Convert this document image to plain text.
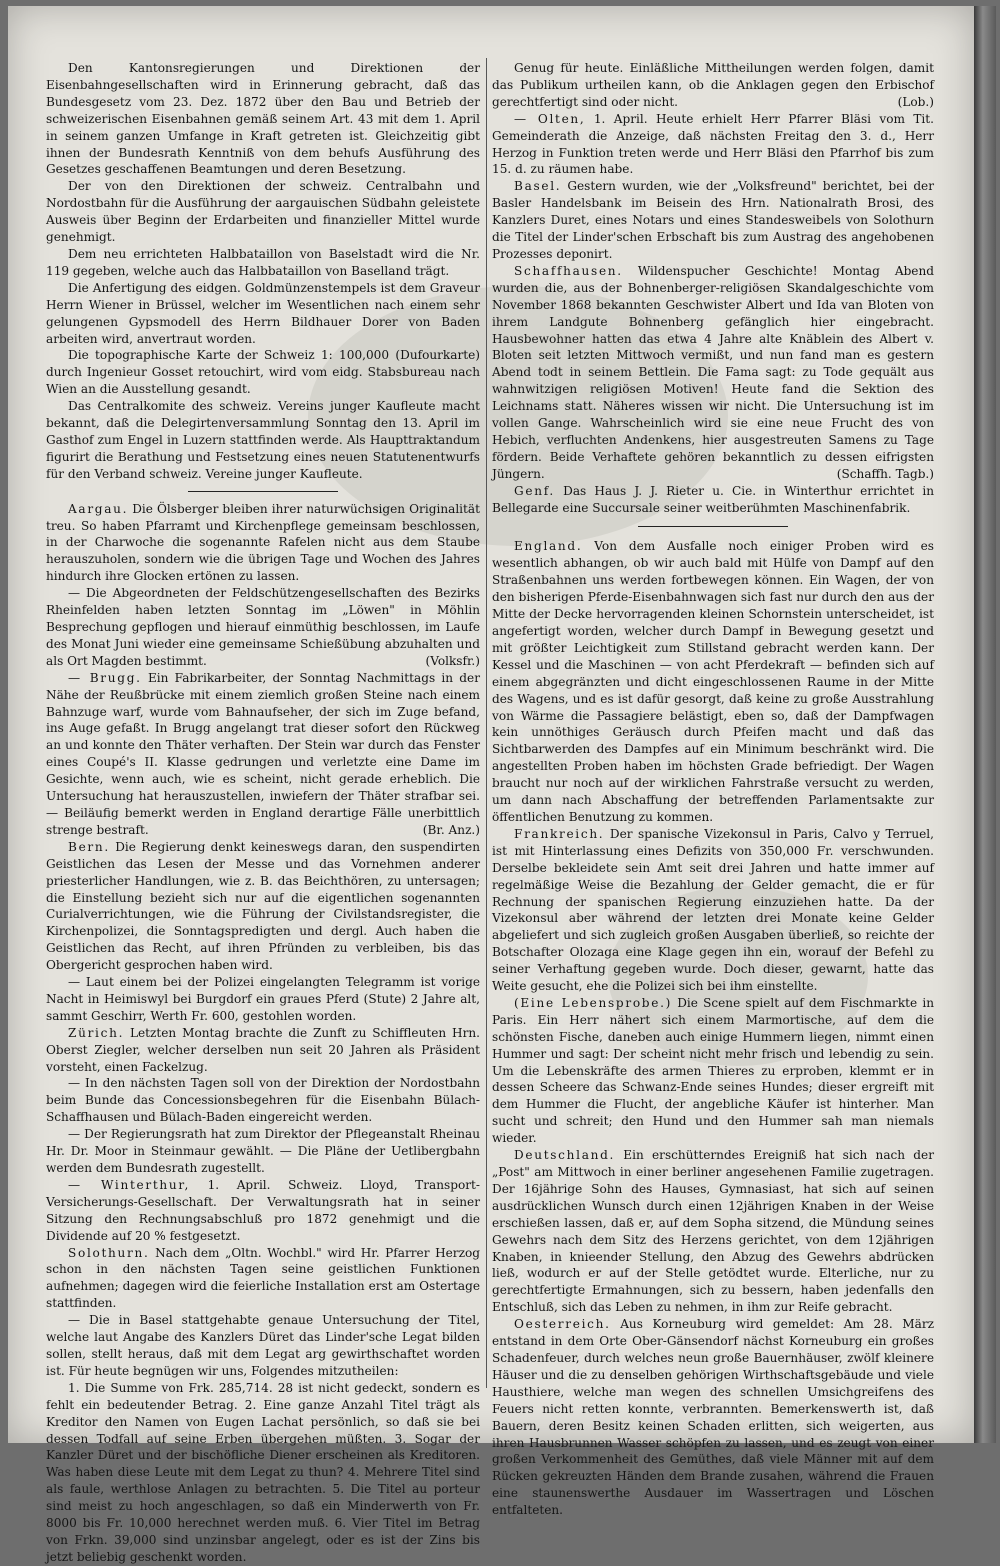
Den Kantonsregierungen und Direktionen der Eisenbahngesellschaften wird in Erinnerung gebracht, daß das Bundesgesetz vom 23. Dez. 1872 über den Bau und Betrieb der schweizerischen Eisenbahnen gemäß seinem Art. 43 mit dem 1. April in seinem ganzen Umfange in Kraft getreten ist. Gleichzeitig gibt ihnen der Bundesrath Kenntniß von dem behufs Ausführung des Gesetzes geschaffenen Beamtungen und deren Besetzung.

Der von den Direktionen der schweiz. Centralbahn und Nordostbahn für die Ausführung der aargauischen Südbahn geleistete Ausweis über Beginn der Erdarbeiten und finanzieller Mittel wurde genehmigt.

Dem neu errichteten Halbbataillon von Baselstadt wird die Nr. 119 gegeben, welche auch das Halbbataillon von Baselland trägt.

Die Anfertigung des eidgen. Goldmünzenstempels ist dem Graveur Herrn Wiener in Brüssel, welcher im Wesentlichen nach einem sehr gelungenen Gypsmodell des Herrn Bildhauer Dorer von Baden arbeiten wird, anvertraut worden.

Die topographische Karte der Schweiz 1: 100,000 (Dufourkarte) durch Ingenieur Gosset retouchirt, wird vom eidg. Stabsbureau nach Wien an die Ausstellung gesandt.

Das Centralkomite des schweiz. Vereins junger Kaufleute macht bekannt, daß die Delegirtenversammlung Sonntag den 13. April im Gasthof zum Engel in Luzern stattfinden werde. Als Haupttraktandum figurirt die Berathung und Festsetzung eines neuen Statutenentwurfs für den Verband schweiz. Vereine junger Kaufleute.

Aargau. Die Ölsberger bleiben ihrer naturwüchsigen Originalität treu. So haben Pfarramt und Kirchenpflege gemeinsam beschlossen, in der Charwoche die sogenannte Rafelen nicht aus dem Staube herauszuholen, sondern wie die übrigen Tage und Wochen des Jahres hindurch ihre Glocken ertönen zu lassen.

— Die Abgeordneten der Feldschützengesellschaften des Bezirks Rheinfelden haben letzten Sonntag im „Löwen" in Möhlin Besprechung gepflogen und hierauf einmüthig beschlossen, im Laufe des Monat Juni wieder eine gemeinsame Schießübung abzuhalten und als Ort Magden bestimmt.	(Volksfr.)

— Brugg. Ein Fabrikarbeiter, der Sonntag Nachmittags in der Nähe der Reußbrücke mit einem ziemlich großen Steine nach einem Bahnzuge warf, wurde vom Bahnaufseher, der sich im Zuge befand, ins Auge gefaßt. In Brugg angelangt trat dieser sofort den Rückweg an und konnte den Thäter verhaften. Der Stein war durch das Fenster eines Coupé's II. Klasse gedrungen und verletzte eine Dame im Gesichte, wenn auch, wie es scheint, nicht gerade erheblich. Die Untersuchung hat herauszustellen, inwiefern der Thäter strafbar sei. — Beiläufig bemerkt werden in England derartige Fälle unerbittlich strenge bestraft.	(Br. Anz.)

Bern. Die Regierung denkt keineswegs daran, den suspendirten Geistlichen das Lesen der Messe und das Vornehmen anderer priesterlicher Handlungen, wie z. B. das Beichthören, zu untersagen; die Einstellung bezieht sich nur auf die eigentlichen sogenannten Curialverrichtungen, wie die Führung der Civilstandsregister, die Kirchenpolizei, die Sonntagspredigten und dergl. Auch haben die Geistlichen das Recht, auf ihren Pfründen zu verbleiben, bis das Obergericht gesprochen haben wird.

— Laut einem bei der Polizei eingelangten Telegramm ist vorige Nacht in Heimiswyl bei Burgdorf ein graues Pferd (Stute) 2 Jahre alt, sammt Geschirr, Werth Fr. 600, gestohlen worden.

Zürich. Letzten Montag brachte die Zunft zu Schiffleuten Hrn. Oberst Ziegler, welcher derselben nun seit 20 Jahren als Präsident vorsteht, einen Fackelzug.

— In den nächsten Tagen soll von der Direktion der Nordostbahn beim Bunde das Concessionsbegehren für die Eisenbahn Bülach-Schaffhausen und Bülach-Baden eingereicht werden.

— Der Regierungsrath hat zum Direktor der Pflegeanstalt Rheinau Hr. Dr. Moor in Steinmaur gewählt. — Die Pläne der Uetlibergbahn werden dem Bundesrath zugestellt.

— Winterthur, 1. April. Schweiz. Lloyd, Transport-Versicherungs-Gesellschaft. Der Verwaltungsrath hat in seiner Sitzung den Rechnungsabschluß pro 1872 genehmigt und die Dividende auf 20 % festgesetzt.

Solothurn. Nach dem „Oltn. Wochbl." wird Hr. Pfarrer Herzog schon in den nächsten Tagen seine geistlichen Funktionen aufnehmen; dagegen wird die feierliche Installation erst am Ostertage stattfinden.

— Die in Basel stattgehabte genaue Untersuchung der Titel, welche laut Angabe des Kanzlers Düret das Linder'sche Legat bilden sollen, stellt heraus, daß mit dem Legat arg gewirthschaftet worden ist. Für heute begnügen wir uns, Folgendes mitzutheilen:

1. Die Summe von Frk. 285,714. 28 ist nicht gedeckt, sondern es fehlt ein bedeutender Betrag. 2. Eine ganze Anzahl Titel trägt als Kreditor den Namen von Eugen Lachat persönlich, so daß sie bei dessen Todfall auf seine Erben übergehen müßten. 3. Sogar der Kanzler Düret und der bischöfliche Diener erscheinen als Kreditoren. Was haben diese Leute mit dem Legat zu thun? 4. Mehrere Titel sind als faule, werthlose Anlagen zu betrachten. 5. Die Titel au porteur sind meist zu hoch angeschlagen, so daß ein Minderwerth von Fr. 8000 bis Fr. 10,000 herechnet werden muß. 6. Vier Titel im Betrag von Frkn. 39,000 sind unzinsbar angelegt, oder es ist der Zins bis jetzt beliebig geschenkt worden.

Genug für heute. Einläßliche Mittheilungen werden folgen, damit das Publikum urtheilen kann, ob die Anklagen gegen den Erbischof gerechtfertigt sind oder nicht.	(Lob.)

— Olten, 1. April. Heute erhielt Herr Pfarrer Bläsi vom Tit. Gemeinderath die Anzeige, daß nächsten Freitag den 3. d., Herr Herzog in Funktion treten werde und Herr Bläsi den Pfarrhof bis zum 15. d. zu räumen habe.

Basel. Gestern wurden, wie der „Volksfreund" berichtet, bei der Basler Handelsbank im Beisein des Hrn. Nationalrath Brosi, des Kanzlers Duret, eines Notars und eines Standesweibels von Solothurn die Titel der Linder'schen Erbschaft bis zum Austrag des angehobenen Prozesses deponirt.

Schaffhausen. Wildenspucher Geschichte! Montag Abend wurden die, aus der Bohnenberger-religiösen Skandalgeschichte vom November 1868 bekannten Geschwister Albert und Ida van Bloten von ihrem Landgute Bohnenberg gefänglich hier eingebracht. Hausbewohner hatten das etwa 4 Jahre alte Knäblein des Albert v. Bloten seit letzten Mittwoch vermißt, und nun fand man es gestern Abend todt in seinem Bettlein. Die Fama sagt: zu Tode gequält aus wahnwitzigen religiösen Motiven! Heute fand die Sektion des Leichnams statt. Näheres wissen wir nicht. Die Untersuchung ist im vollen Gange. Wahrscheinlich wird sie eine neue Frucht des von Hebich, verfluchten Andenkens, hier ausgestreuten Samens zu Tage fördern. Beide Verhaftete gehören bekanntlich zu dessen eifrigsten Jüngern.	(Schaffh. Tagb.)

Genf. Das Haus J. J. Rieter u. Cie. in Winterthur errichtet in Bellegarde eine Succursale seiner weitberühmten Maschinenfabrik.

England. Von dem Ausfalle noch einiger Proben wird es wesentlich abhangen, ob wir auch bald mit Hülfe von Dampf auf den Straßenbahnen uns werden fortbewegen können. Ein Wagen, der von den bisherigen Pferde-Eisenbahnwagen sich fast nur durch den aus der Mitte der Decke hervorragenden kleinen Schornstein unterscheidet, ist angefertigt worden, welcher durch Dampf in Bewegung gesetzt und mit größter Leichtigkeit zum Stillstand gebracht werden kann. Der Kessel und die Maschinen — von acht Pferdekraft — befinden sich auf einem abgegränzten und dicht eingeschlossenen Raume in der Mitte des Wagens, und es ist dafür gesorgt, daß keine zu große Ausstrahlung von Wärme die Passagiere belästigt, eben so, daß der Dampfwagen kein unnöthiges Geräusch durch Pfeifen macht und daß das Sichtbarwerden des Dampfes auf ein Minimum beschränkt wird. Die angestellten Proben haben im höchsten Grade befriedigt. Der Wagen braucht nur noch auf der wirklichen Fahrstraße versucht zu werden, um dann nach Abschaffung der betreffenden Parlamentsakte zur öffentlichen Benutzung zu kommen.

Frankreich. Der spanische Vizekonsul in Paris, Calvo y Terruel, ist mit Hinterlassung eines Defizits von 350,000 Fr. verschwunden. Derselbe bekleidete sein Amt seit drei Jahren und hatte immer auf regelmäßige Weise die Bezahlung der Gelder gemacht, die er für Rechnung der spanischen Regierung einzuziehen hatte. Da der Vizekonsul aber während der letzten drei Monate keine Gelder abgeliefert und sich zugleich großen Ausgaben überließ, so reichte der Botschafter Olozaga eine Klage gegen ihn ein, worauf der Befehl zu seiner Verhaftung gegeben wurde. Doch dieser, gewarnt, hatte das Weite gesucht, ehe die Polizei sich bei ihm einstellte.

(Eine Lebensprobe.) Die Scene spielt auf dem Fischmarkte in Paris. Ein Herr nähert sich einem Marmortische, auf dem die schönsten Fische, daneben auch einige Hummern liegen, nimmt einen Hummer und sagt: Der scheint nicht mehr frisch und lebendig zu sein. Um die Lebenskräfte des armen Thieres zu erproben, klemmt er in dessen Scheere das Schwanz-Ende seines Hundes; dieser ergreift mit dem Hummer die Flucht, der angebliche Käufer ist hinterher. Man sucht und schreit; den Hund und den Hummer sah man niemals wieder.

Deutschland. Ein erschütterndes Ereigniß hat sich nach der „Post" am Mittwoch in einer berliner angesehenen Familie zugetragen. Der 16jährige Sohn des Hauses, Gymnasiast, hat sich auf seinen ausdrücklichen Wunsch durch einen 12jährigen Knaben in der Weise erschießen lassen, daß er, auf dem Sopha sitzend, die Mündung seines Gewehrs nach dem Sitz des Herzens gerichtet, von dem 12jährigen Knaben, in knieender Stellung, den Abzug des Gewehrs abdrücken ließ, wodurch er auf der Stelle getödtet wurde. Elterliche, nur zu gerechtfertigte Ermahnungen, sich zu bessern, haben jedenfalls den Entschluß, sich das Leben zu nehmen, in ihm zur Reife gebracht.

Oesterreich. Aus Korneuburg wird gemeldet: Am 28. März entstand in dem Orte Ober-Gänsendorf nächst Korneuburg ein großes Schadenfeuer, durch welches neun große Bauernhäuser, zwölf kleinere Häuser und die zu denselben gehörigen Wirthschaftsgebäude und viele Hausthiere, welche man wegen des schnellen Umsichgreifens des Feuers nicht retten konnte, verbrannten. Bemerkenswerth ist, daß Bauern, deren Besitz keinen Schaden erlitten, sich weigerten, aus ihren Hausbrunnen Wasser schöpfen zu lassen, und es zeugt von einer großen Verkommenheit des Gemüthes, daß viele Männer mit auf dem Rücken gekreuzten Händen dem Brande zusahen, während die Frauen eine staunenswerthe Ausdauer im Wassertragen und Löschen entfalteten.
